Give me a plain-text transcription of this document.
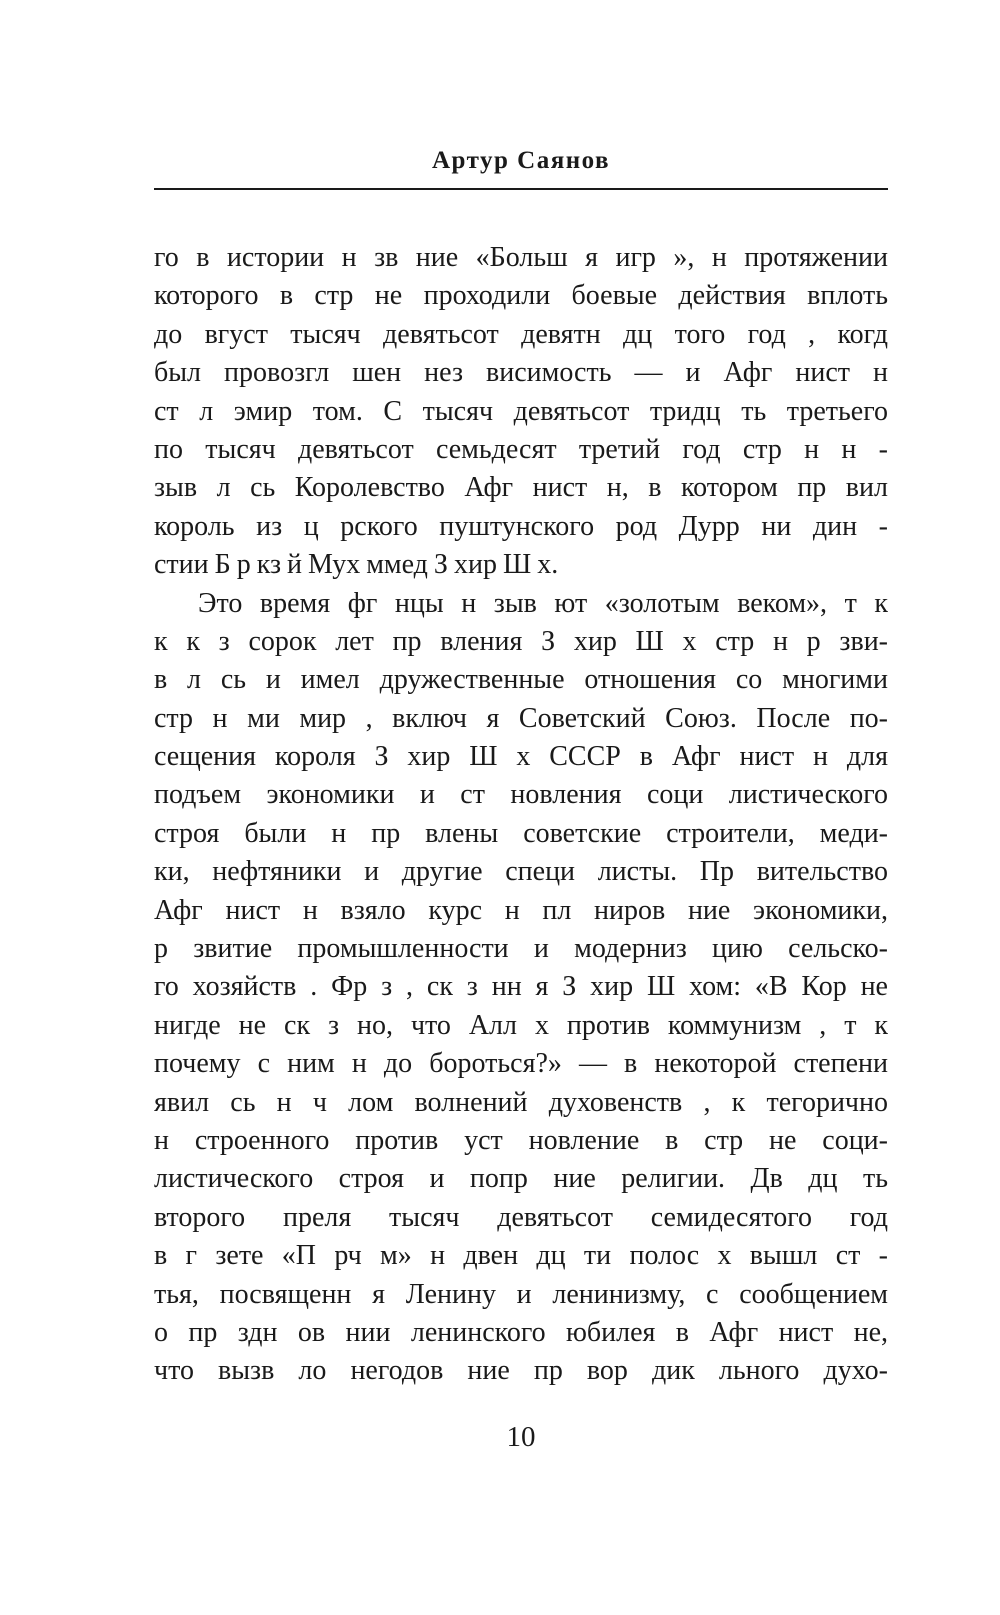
Артур Саянов
го в истории н зв ние «Больш я игр », н протяжении
которого в стр не проходили боевые действия вплоть
до вгуст тысяч девятьсот девятн дц того год , когд
был провозгл шен нез висимость — и Афг нист н
ст л эмир том. С тысяч девятьсот тридц ть третьего
по тысяч девятьсот семьдесят третий год стр н н -
зыв л сь Королевство Афг нист н, в котором пр вил
король из ц рского пуштунского род Дурр ни дин -
стии Б р кз й Мух ммед З хир Ш х.
Это время фг нцы н зыв ют «золотым веком», т к
к к з сорок лет пр вления З хир Ш х стр н р зви-
в л сь и имел дружественные отношения со многими
стр н ми мир , включ я Советский Союз. После по-
сещения короля З хир Ш х СССР в Афг нист н для
подъем экономики и ст новления соци листического
строя были н пр влены советские строители, меди-
ки, нефтяники и другие специ листы. Пр вительство
Афг нист н взяло курс н пл ниров ние экономики,
р звитие промышленности и модерниз цию сельско-
го хозяйств . Фр з , ск з нн я З хир Ш хом: «В Кор не
нигде не ск з но, что Алл х против коммунизм , т к
почему с ним н до бороться?» — в некоторой степени
явил сь н ч лом волнений духовенств , к тегорично
н строенного против уст новление в стр не соци-
листического строя и попр ние религии. Дв дц ть
второго преля тысяч девятьсот семидесятого год
в г зете «П рч м» н двен дц ти полос х вышл ст -
тья, посвященн я Ленину и ленинизму, с сообщением
о пр здн ов нии ленинского юбилея в Афг нист не,
что вызв ло негодов ние пр вор дик льного духо-
10
